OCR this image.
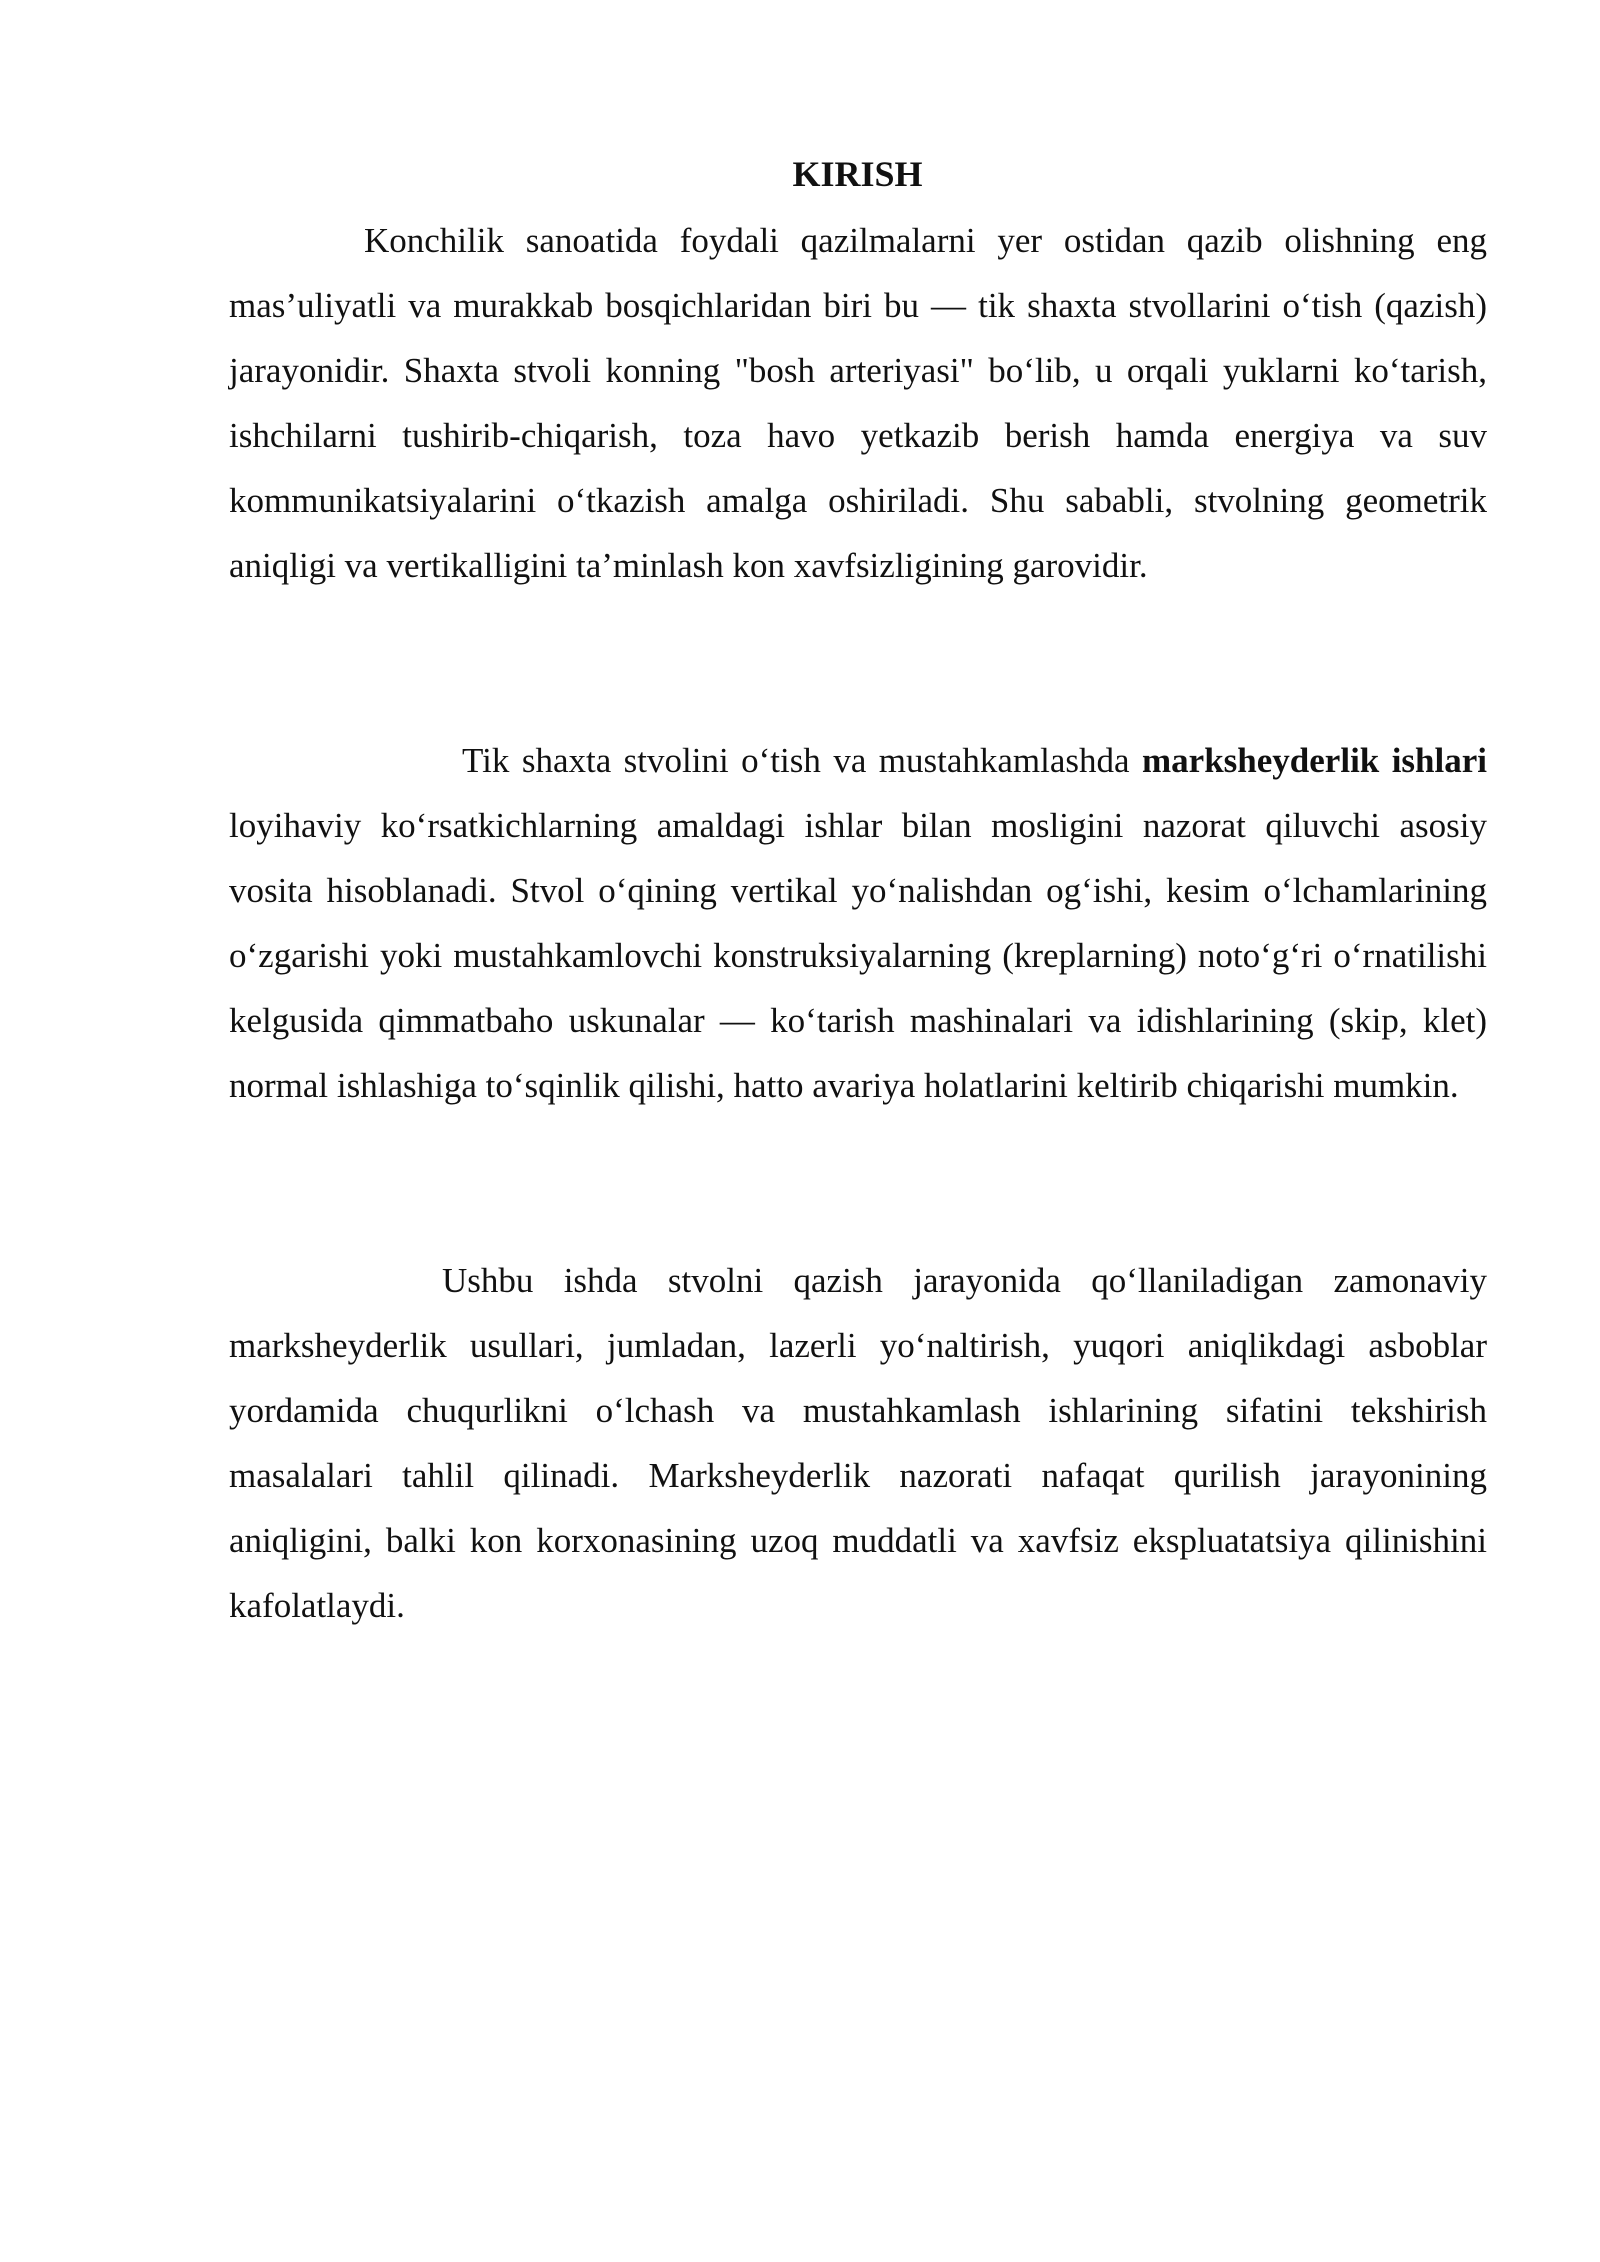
KIRISH

Konchilik sanoatida foydali qazilmalarni yer ostidan qazib olishning eng mas’uliyatli va murakkab bosqichlaridan biri bu — tik shaxta stvollarini o‘tish (qazish) jarayonidir. Shaxta stvoli konning "bosh arteriyasi" bo‘lib, u orqali yuklarni ko‘tarish, ishchilarni tushirib-chiqarish, toza havo yetkazib berish hamda energiya va suv kommunikatsiyalarini o‘tkazish amalga oshiriladi. Shu sababli, stvolning geometrik aniqligi va vertikalligini ta’minlash kon xavfsizligining garovidir.

Tik shaxta stvolini o‘tish va mustahkamlashda marksheyderlik ishlari loyihaviy ko‘rsatkichlarning amaldagi ishlar bilan mosligini nazorat qiluvchi asosiy vosita hisoblanadi. Stvol o‘qining vertikal yo‘nalishdan og‘ishi, kesim o‘lchamlarining o‘zgarishi yoki mustahkamlovchi konstruksiyalarning (kreplarning) noto‘g‘ri o‘rnatilishi kelgusida qimmatbaho uskunalar — ko‘tarish mashinalari va idishlarining (skip, klet) normal ishlashiga to‘sqinlik qilishi, hatto avariya holatlarini keltirib chiqarishi mumkin.

Ushbu ishda stvolni qazish jarayonida qo‘llaniladigan zamonaviy marksheyderlik usullari, jumladan, lazerli yo‘naltirish, yuqori aniqlikdagi asboblar yordamida chuqurlikni o‘lchash va mustahkamlash ishlarining sifatini tekshirish masalalari tahlil qilinadi. Marksheyderlik nazorati nafaqat qurilish jarayonining aniqligini, balki kon korxonasining uzoq muddatli va xavfsiz ekspluatatsiya qilinishini kafolatlaydi.
